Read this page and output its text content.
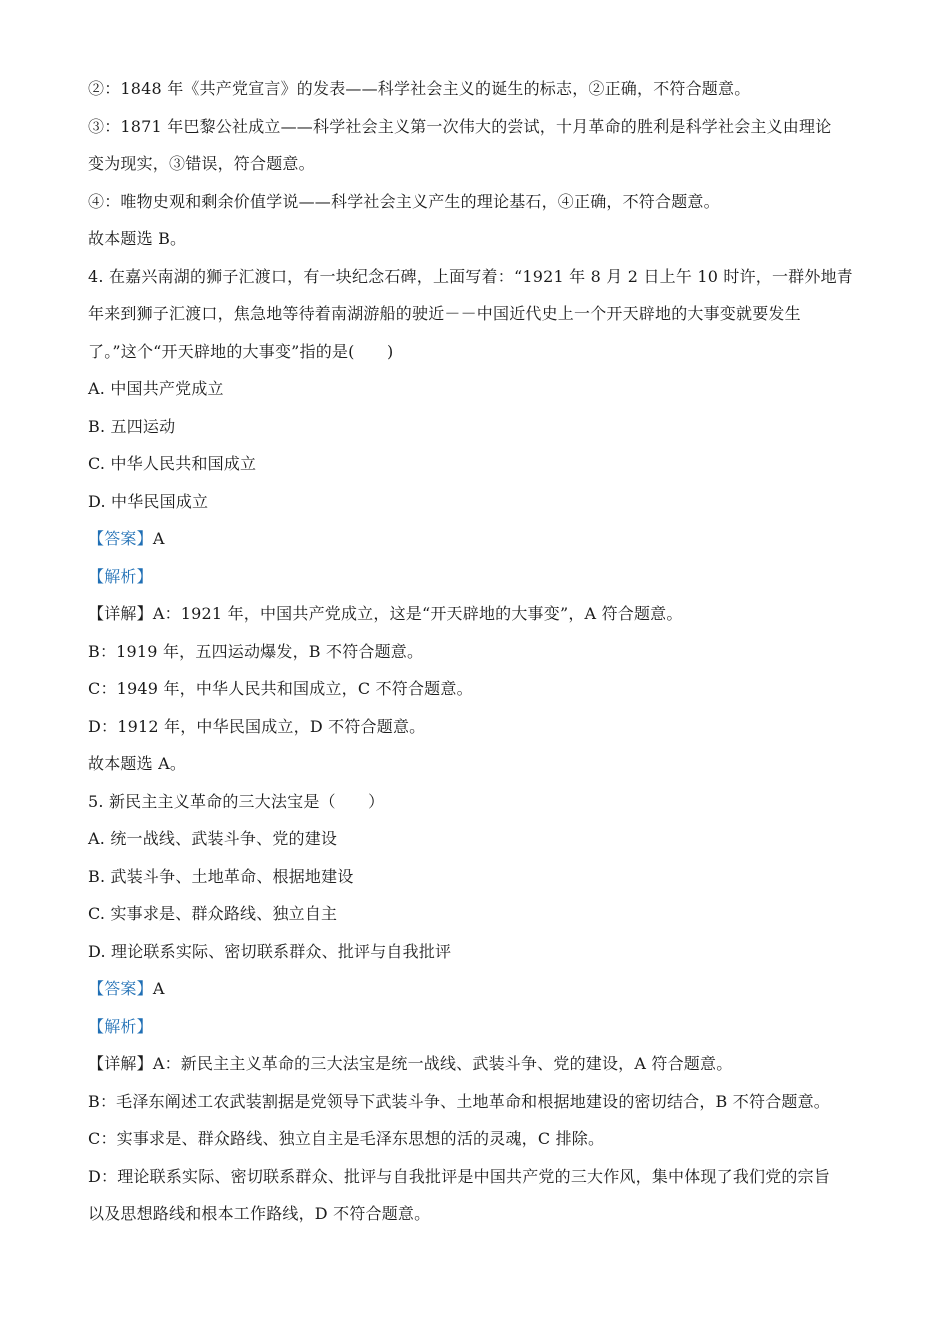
②：1848 年《共产党宣言》的发表——科学社会主义的诞生的标志，②正确，不符合题意。
③：1871 年巴黎公社成立——科学社会主义第一次伟大的尝试，十月革命的胜利是科学社会主义由理论
变为现实，③错误，符合题意。
④：唯物史观和剩余价值学说——科学社会主义产生的理论基石，④正确，不符合题意。
故本题选 B。
4. 在嘉兴南湖的狮子汇渡口，有一块纪念石碑，上面写着：“1921 年 8 月 2 日上午 10 时许，一群外地青
年来到狮子汇渡口，焦急地等待着南湖游船的驶近－－中国近代史上一个开天辟地的大事变就要发生
了。”这个“开天辟地的大事变”指的是(　　)
A. 中国共产党成立
B. 五四运动
C. 中华人民共和国成立
D. 中华民国成立
【答案】A
【解析】
【详解】A：1921 年，中国共产党成立，这是“开天辟地的大事变”，A 符合题意。
B：1919 年，五四运动爆发，B 不符合题意。
C：1949 年，中华人民共和国成立，C 不符合题意。
D：1912 年，中华民国成立，D 不符合题意。
故本题选 A。
5. 新民主主义革命的三大法宝是（　　）
A. 统一战线、武装斗争、党的建设
B. 武装斗争、土地革命、根据地建设
C. 实事求是、群众路线、独立自主
D. 理论联系实际、密切联系群众、批评与自我批评
【答案】A
【解析】
【详解】A：新民主主义革命的三大法宝是统一战线、武装斗争、党的建设，A 符合题意。
B：毛泽东阐述工农武装割据是党领导下武装斗争、土地革命和根据地建设的密切结合，B 不符合题意。
C：实事求是、群众路线、独立自主是毛泽东思想的活的灵魂，C 排除。
D：理论联系实际、密切联系群众、批评与自我批评是中国共产党的三大作风，集中体现了我们党的宗旨
以及思想路线和根本工作路线，D 不符合题意。
